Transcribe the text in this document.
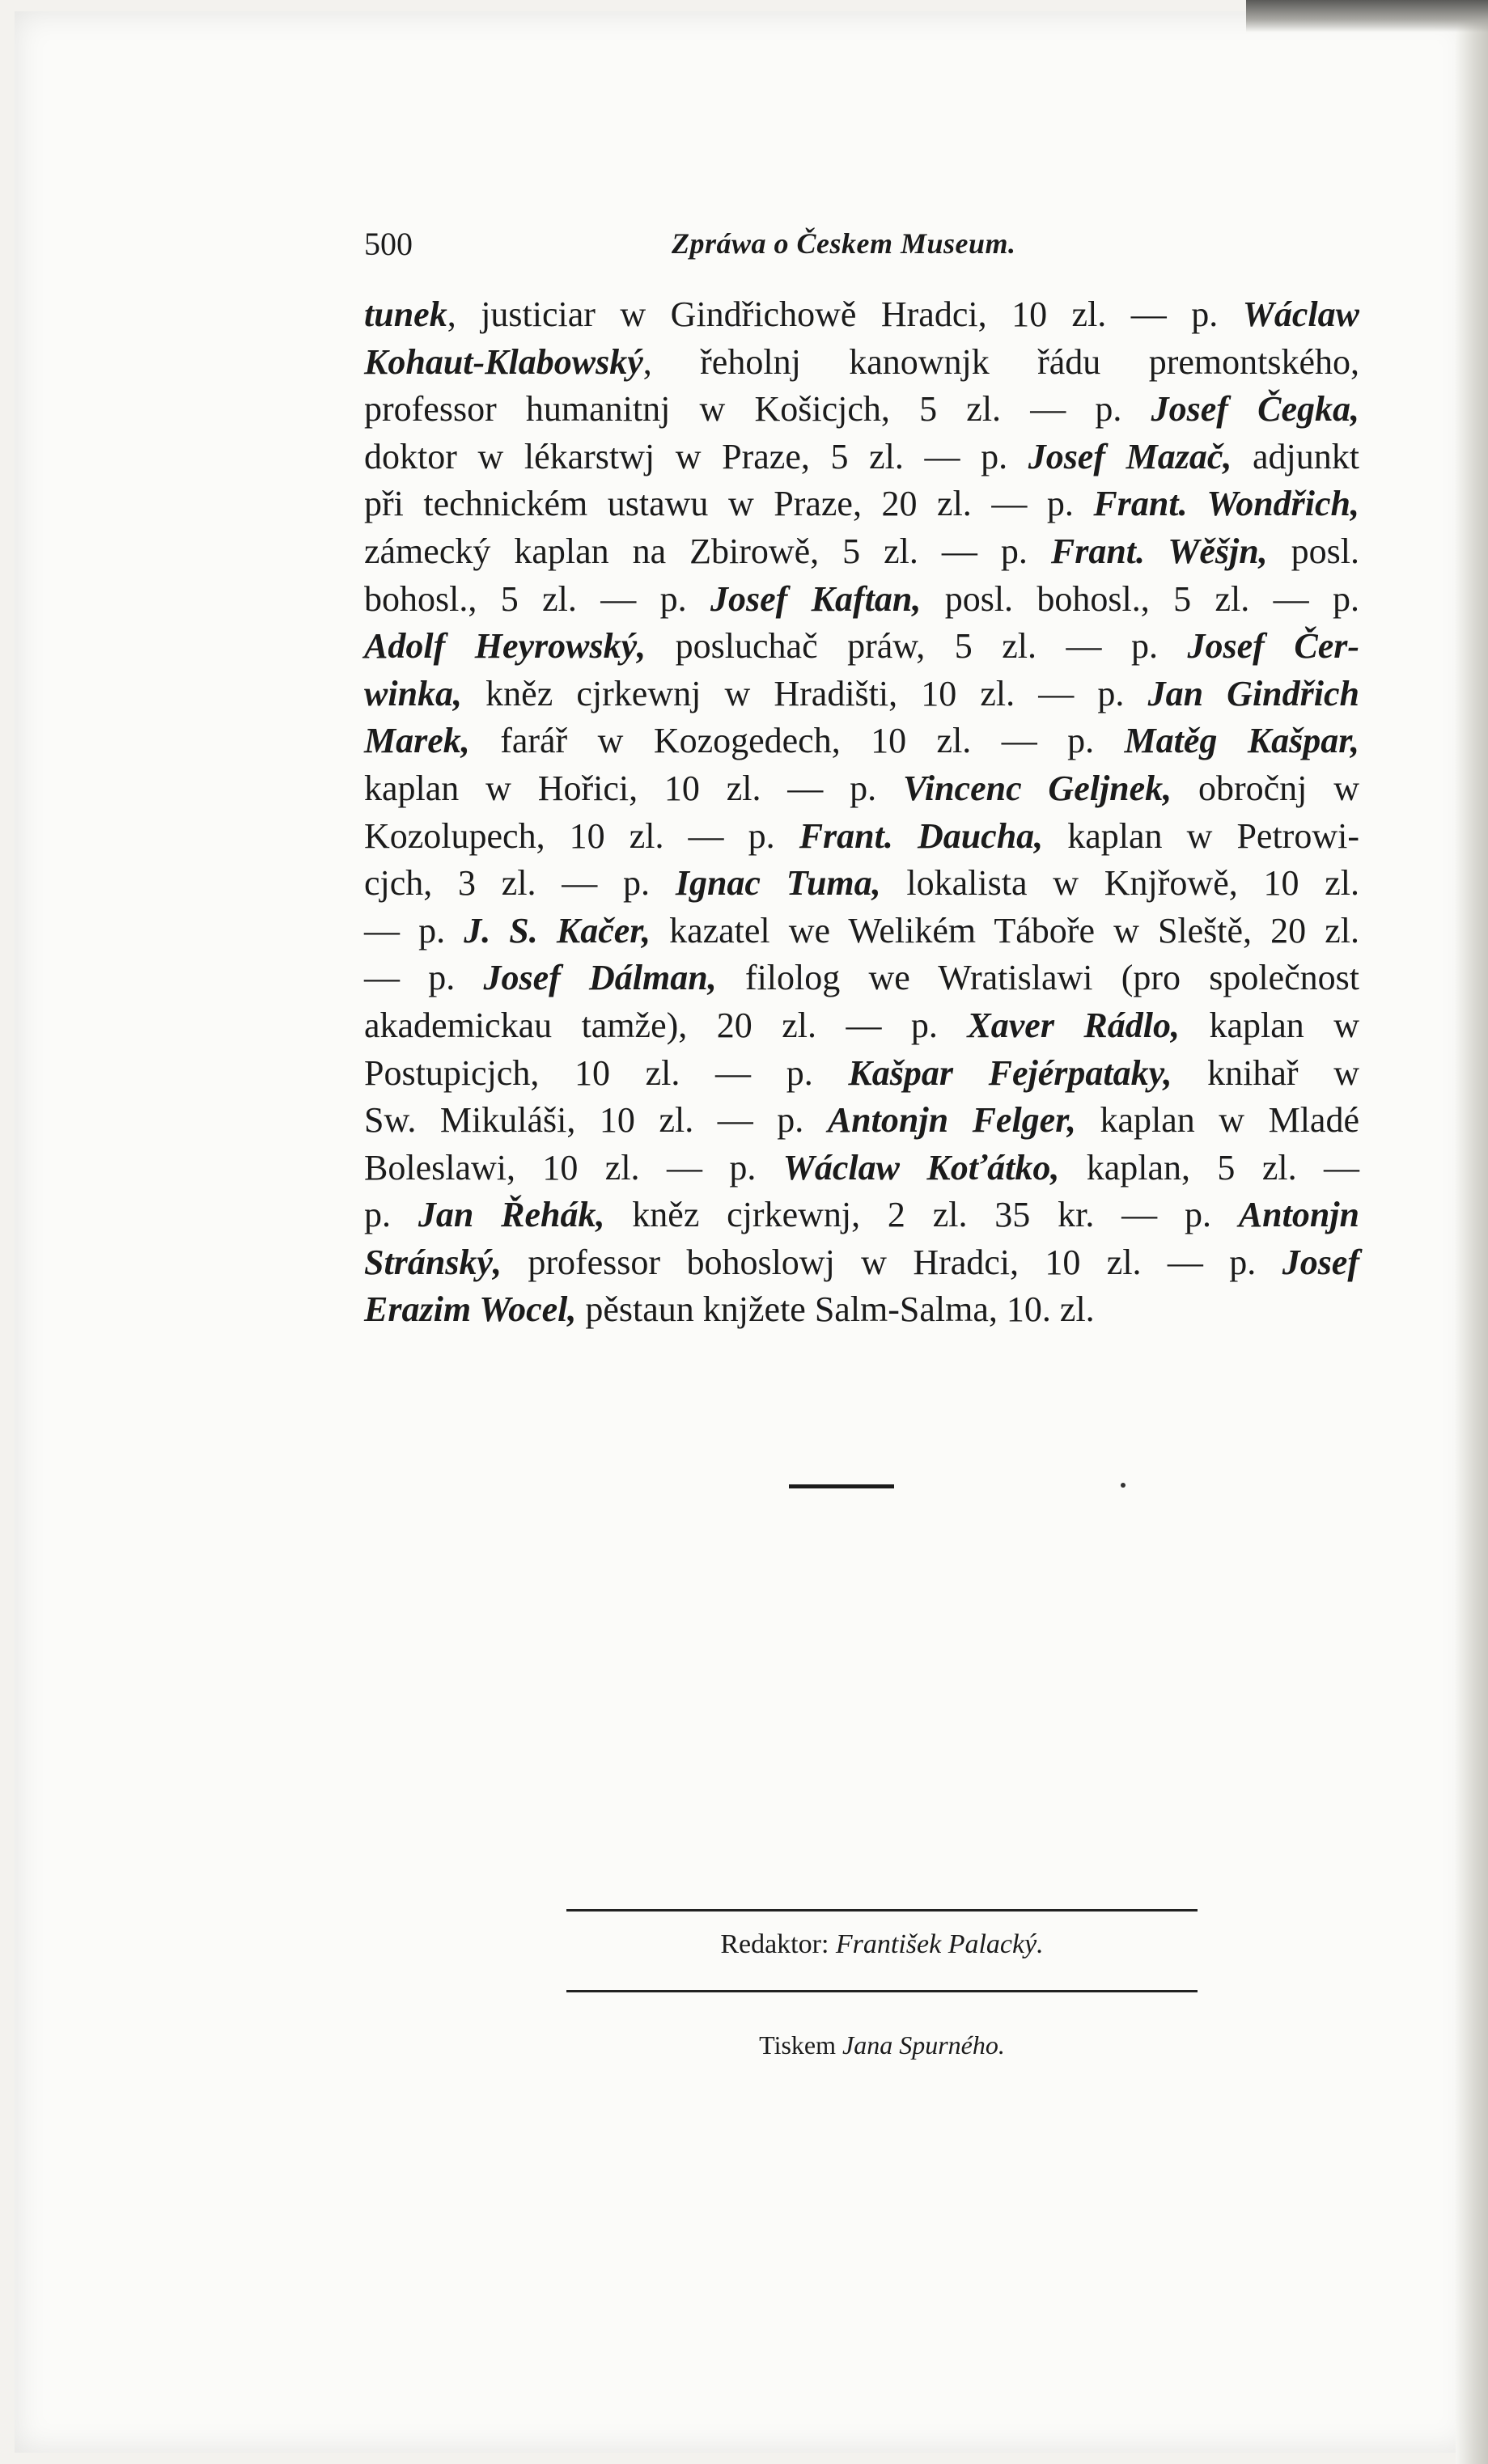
500	Zpráwa o Českem Museum.
tunek, justiciar w Gindřichowě Hradci, 10 zl. — p. Wáclaw
Kohaut-Klabowský, řeholnj kanownjk řádu premontského,
professor humanitnj w Košicjch, 5 zl. — p. Josef Čegka,
doktor w lékarstwj w Praze, 5 zl. — p. Josef Mazač, adjunkt
při technickém ustawu w Praze, 20 zl. — p. Frant. Wondřich,
zámecký kaplan na Zbirowě, 5 zl. — p. Frant. Wěšjn, posl.
bohosl., 5 zl. — p. Josef Kaftan, posl. bohosl., 5 zl. — p.
Adolf Heyrowský, posluchač práw, 5 zl. — p. Josef Čer-
winka, kněz cjrkewnj w Hradišti, 10 zl. — p. Jan Gindřich
Marek, farář w Kozogedech, 10 zl. — p. Matěg Kašpar,
kaplan w Hořici, 10 zl. — p. Vincenc Geljnek, obročnj w
Kozolupech, 10 zl. — p. Frant. Daucha, kaplan w Petrowi-
cjch, 3 zl. — p. Ignac Tuma, lokalista w Knjřowě, 10 zl.
— p. J. S. Kačer, kazatel we Welikém Táboře w Sleště, 20 zl.
— p. Josef Dálman, filolog we Wratislawi (pro společnost
akademickau tamže), 20 zl. — p. Xaver Rádlo, kaplan w
Postupicjch, 10 zl. — p. Kašpar Fejérpataky, knihař w
Sw. Mikuláši, 10 zl. — p. Antonjn Felger, kaplan w Mladé
Boleslawi, 10 zl. — p. Wáclaw Koťátko, kaplan, 5 zl. —
p. Jan Řehák, kněz cjrkewnj, 2 zl. 35 kr. — p. Antonjn
Stránský, professor bohoslowj w Hradci, 10 zl. — p. Josef
Erazim Wocel, pěstaun knjžete Salm-Salma, 10. zl.
Redaktor: František Palacký.
Tiskem Jana Spurného.
